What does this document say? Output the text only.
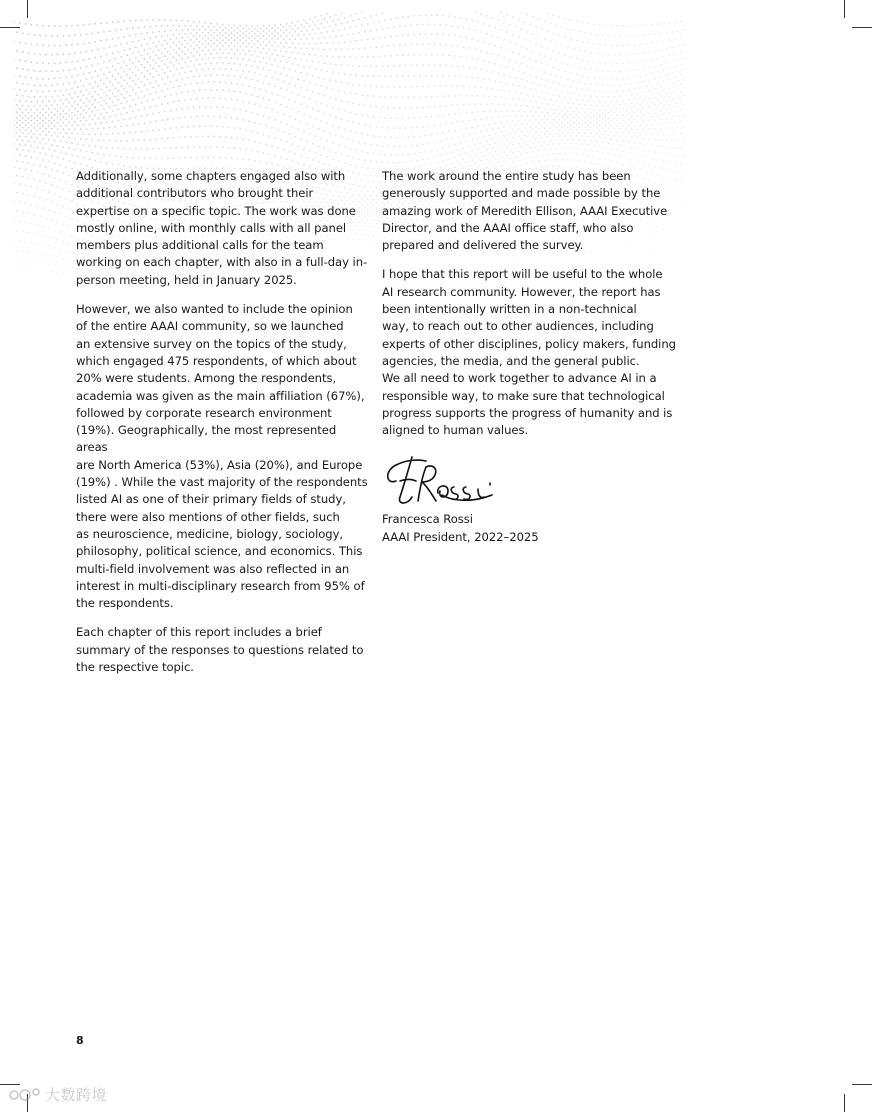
Additionally, some chapters engaged also with
additional contributors who brought their
expertise on a specific topic. The work was done
mostly online, with monthly calls with all panel
members plus additional calls for the team
working on each chapter, with also in a full-day in-
person meeting, held in January 2025.

However, we also wanted to include the opinion
of the entire AAAI community, so we launched
an extensive survey on the topics of the study,
which engaged 475 respondents, of which about
20% were students. Among the respondents,
academia was given as the main affiliation (67%),
followed by corporate research environment
(19%). Geographically, the most represented areas
are North America (53%), Asia (20%), and Europe
(19%) . While the vast majority of the respondents
listed AI as one of their primary fields of study,
there were also mentions of other fields, such
as neuroscience, medicine, biology, sociology,
philosophy, political science, and economics. This
multi-field involvement was also reflected in an
interest in multi-disciplinary research from 95% of
the respondents.

Each chapter of this report includes a brief
summary of the responses to questions related to
the respective topic.

The work around the entire study has been
generously supported and made possible by the
amazing work of Meredith Ellison, AAAI Executive
Director, and the AAAI office staff, who also
prepared and delivered the survey.

I hope that this report will be useful to the whole
AI research community. However, the report has
been intentionally written in a non-technical
way, to reach out to other audiences, including
experts of other disciplines, policy makers, funding
agencies, the media, and the general public.

We all need to work together to advance AI in a
responsible way, to make sure that technological
progress supports the progress of humanity and is
aligned to human values.

Francesca Rossi
AAAI President, 2022–2025
8
大数跨境
